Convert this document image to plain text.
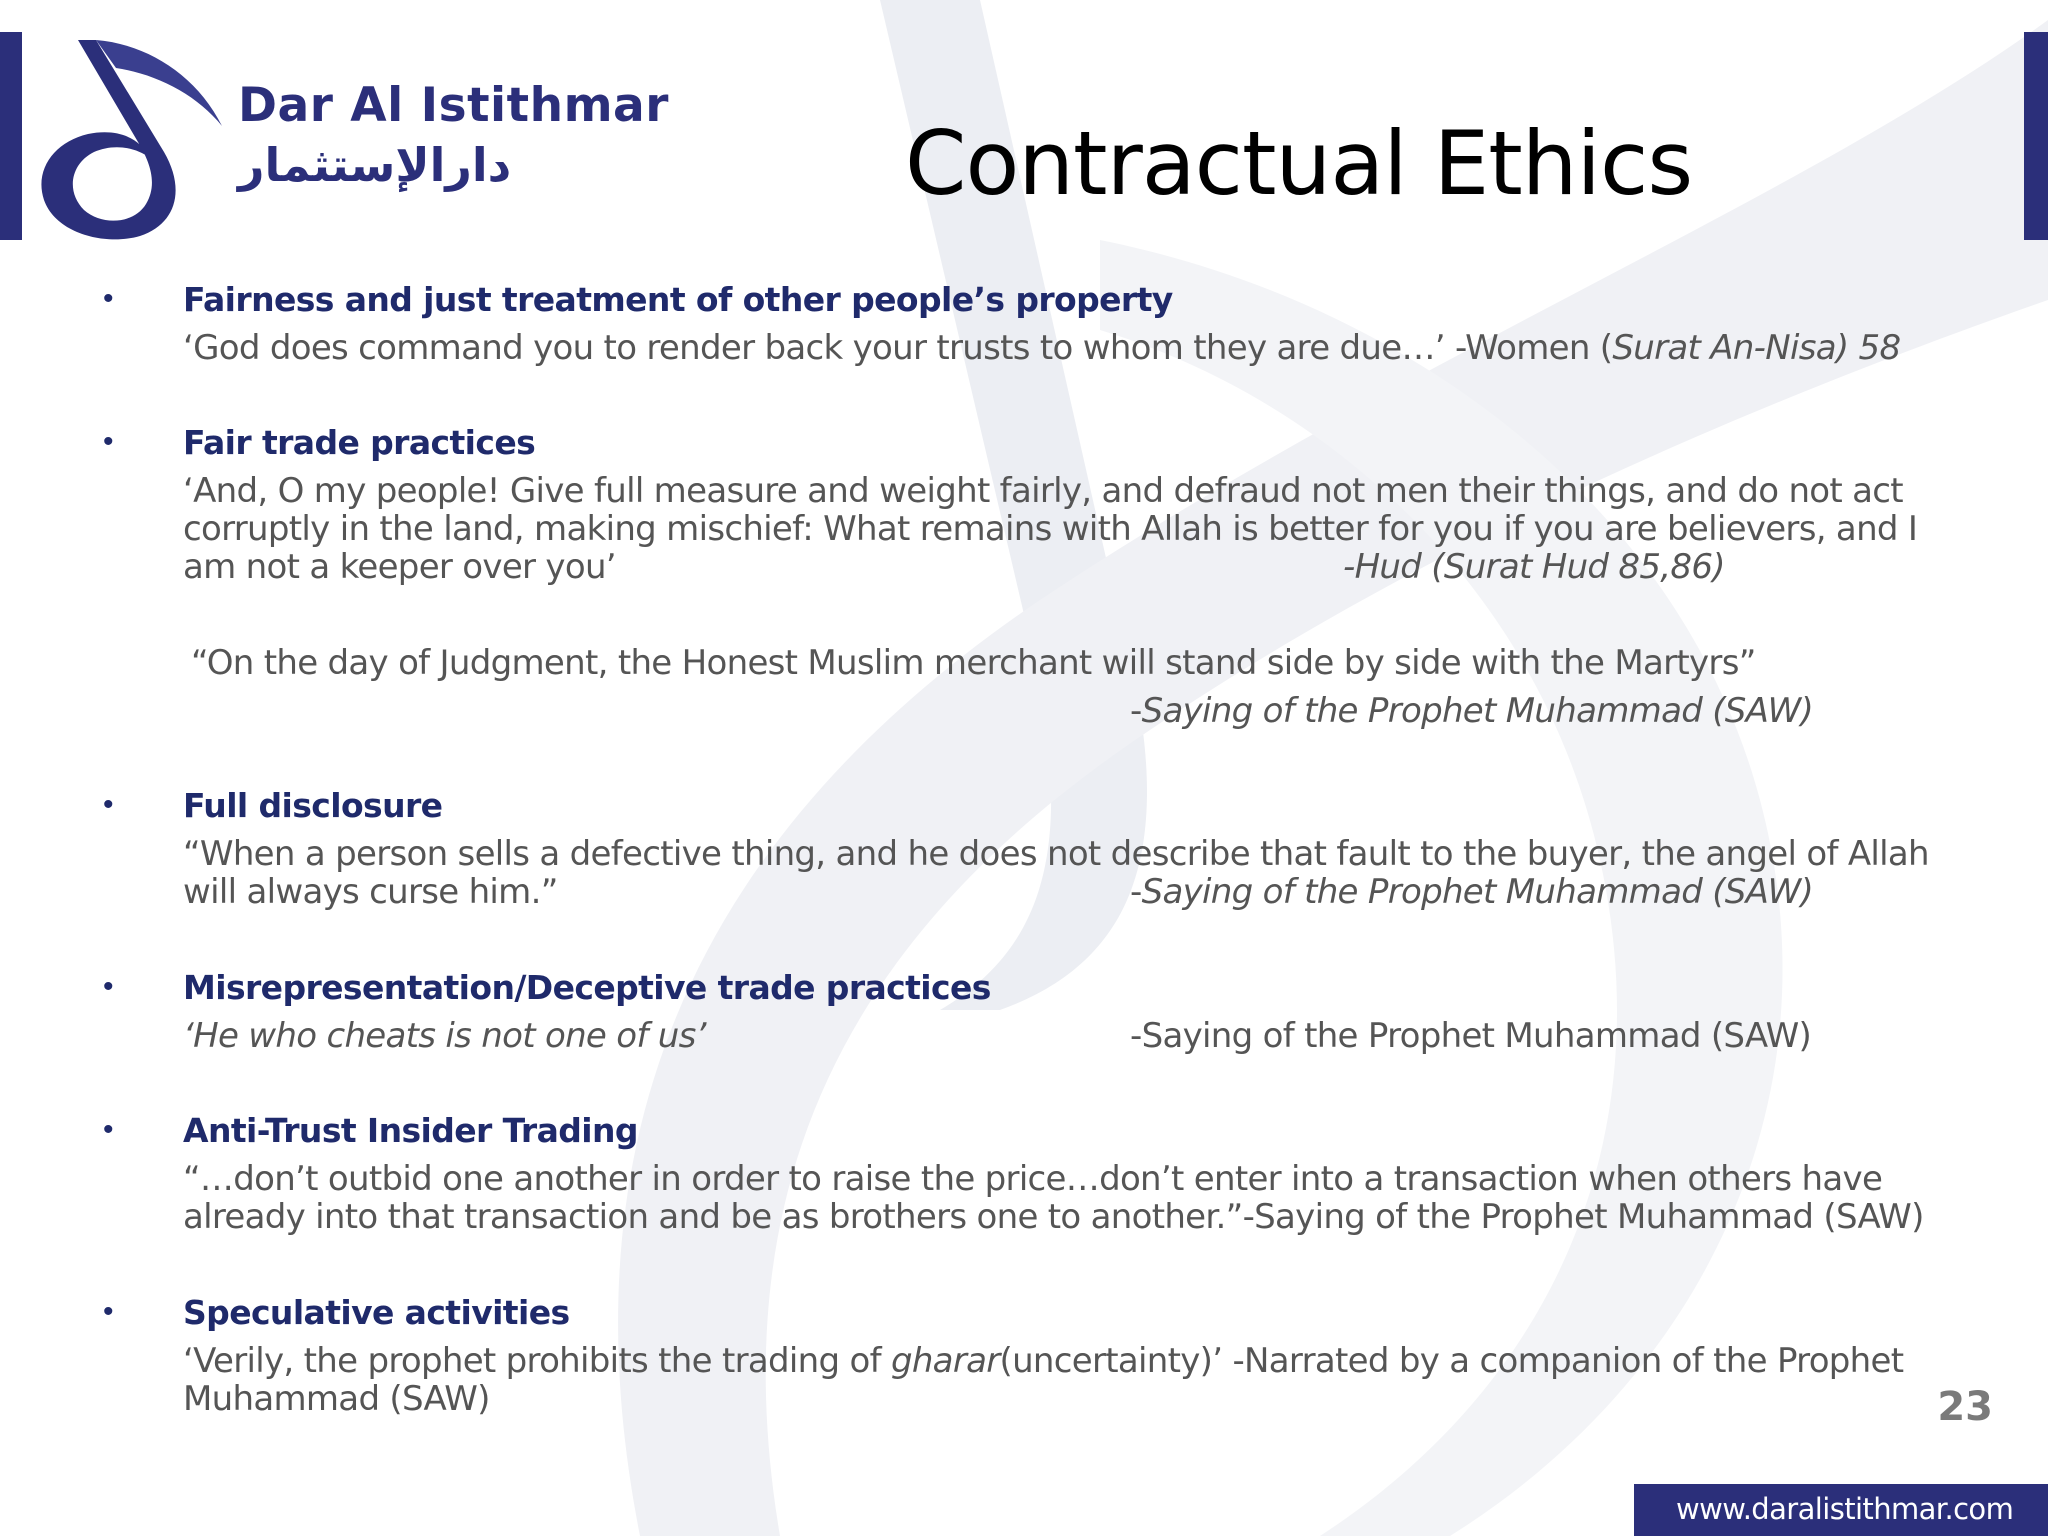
Dar Al Istithmar
دارالإستثمار	Contractual Ethics
• Fairness and just treatment of other people’s property
‘God does command you to render back your trusts to whom they are due…’ -Women (Surat An-Nisa) 58
• Fair trade practices
‘And, O my people! Give full measure and weight fairly, and defraud not men their things, and do not act
corruptly in the land, making mischief: What remains with Allah is better for you if you are believers, and I
am not a keeper over you’	-Hud (Surat Hud 85,86)
“On the day of Judgment, the Honest Muslim merchant will stand side by side with the Martyrs”
-Saying of the Prophet Muhammad (SAW)
• Full disclosure
“When a person sells a defective thing, and he does not describe that fault to the buyer, the angel of Allah
will always curse him.”	-Saying of the Prophet Muhammad (SAW)
• Misrepresentation/Deceptive trade practices
‘He who cheats is not one of us’	-Saying of the Prophet Muhammad (SAW)
• Anti-Trust Insider Trading
“…don’t outbid one another in order to raise the price…don’t enter into a transaction when others have
already into that transaction and be as brothers one to another.”-Saying of the Prophet Muhammad (SAW)
• Speculative activities
‘Verily, the prophet prohibits the trading of gharar(uncertainty)’ -Narrated by a companion of the Prophet
Muhammad (SAW)	23
www.daralistithmar.com
